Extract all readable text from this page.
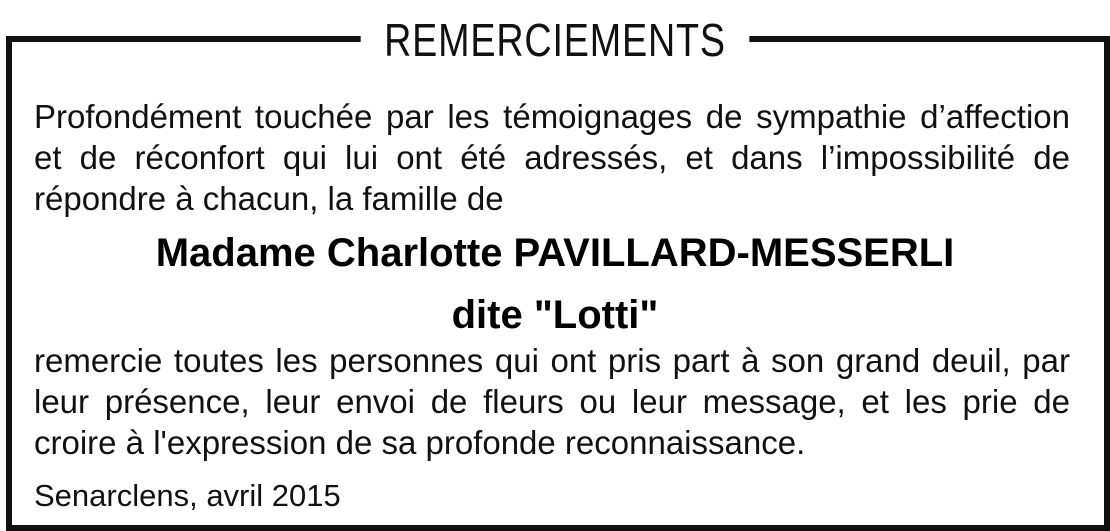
REMERCIEMENTS
Profondément touchée par les témoignages de sympathie d’affection et de réconfort qui lui ont été adressés, et dans l’impossibilité de répondre à chacun, la famille de
Madame Charlotte PAVILLARD-MESSERLI
dite "Lotti"
remercie toutes les personnes qui ont pris part à son grand deuil, par leur présence, leur envoi de fleurs ou leur message, et les prie de croire à l'expression de sa profonde reconnaissance.
Senarclens, avril 2015
